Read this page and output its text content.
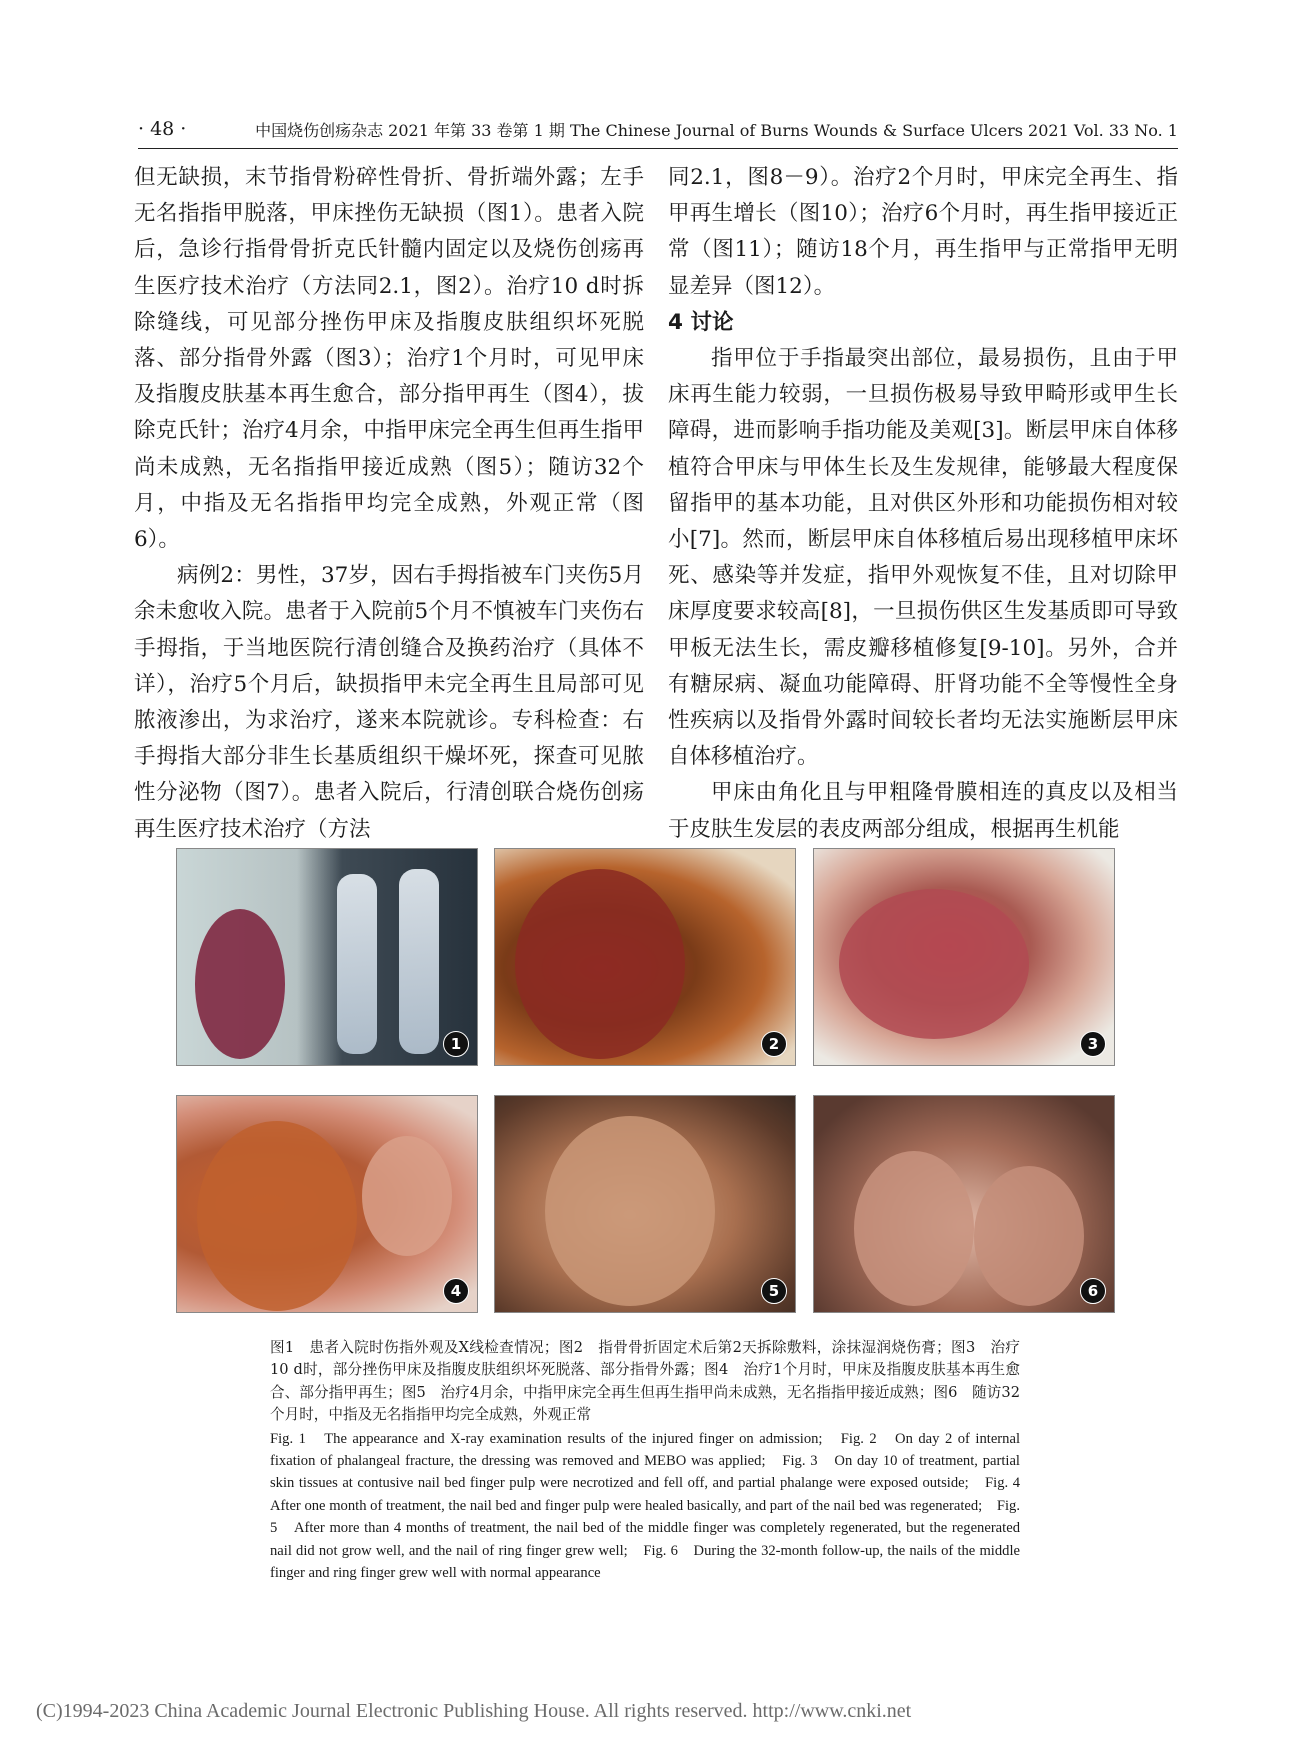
· 48 ·	中国烧伤创疡杂志 2021 年第 33 卷第 1 期 The Chinese Journal of Burns Wounds & Surface Ulcers 2021 Vol. 33 No. 1

但无缺损，末节指骨粉碎性骨折、骨折端外露；左手无名指指甲脱落，甲床挫伤无缺损（图1）。患者入院后，急诊行指骨骨折克氏针髓内固定以及烧伤创疡再生医疗技术治疗（方法同2.1，图2）。治疗10 d时拆除缝线，可见部分挫伤甲床及指腹皮肤组织坏死脱落、部分指骨外露（图3）；治疗1个月时，可见甲床及指腹皮肤基本再生愈合，部分指甲再生（图4），拔除克氏针；治疗4月余，中指甲床完全再生但再生指甲尚未成熟，无名指指甲接近成熟（图5）；随访32个月，中指及无名指指甲均完全成熟，外观正常（图6）。

病例2：男性，37岁，因右手拇指被车门夹伤5月余未愈收入院。患者于入院前5个月不慎被车门夹伤右手拇指，于当地医院行清创缝合及换药治疗（具体不详），治疗5个月后，缺损指甲未完全再生且局部可见脓液渗出，为求治疗，遂来本院就诊。专科检查：右手拇指大部分非生长基质组织干燥坏死，探查可见脓性分泌物（图7）。患者入院后，行清创联合烧伤创疡再生医疗技术治疗（方法

同2.1，图8－9）。治疗2个月时，甲床完全再生、指甲再生增长（图10）；治疗6个月时，再生指甲接近正常（图11）；随访18个月，再生指甲与正常指甲无明显差异（图12）。

4 讨论

指甲位于手指最突出部位，最易损伤，且由于甲床再生能力较弱，一旦损伤极易导致甲畸形或甲生长障碍，进而影响手指功能及美观[3]。断层甲床自体移植符合甲床与甲体生长及生发规律，能够最大程度保留指甲的基本功能，且对供区外形和功能损伤相对较小[7]。然而，断层甲床自体移植后易出现移植甲床坏死、感染等并发症，指甲外观恢复不佳，且对切除甲床厚度要求较高[8]，一旦损伤供区生发基质即可导致甲板无法生长，需皮瓣移植修复[9-10]。另外，合并有糖尿病、凝血功能障碍、肝肾功能不全等慢性全身性疾病以及指骨外露时间较长者均无法实施断层甲床自体移植治疗。

甲床由角化且与甲粗隆骨膜相连的真皮以及相当于皮肤生发层的表皮两部分组成，根据再生机能

1	2	3
4	5	6

图1　患者入院时伤指外观及X线检查情况；图2　指骨骨折固定术后第2天拆除敷料，涂抹湿润烧伤膏；图3　治疗10 d时，部分挫伤甲床及指腹皮肤组织坏死脱落、部分指骨外露；图4　治疗1个月时，甲床及指腹皮肤基本再生愈合、部分指甲再生；图5　治疗4月余，中指甲床完全再生但再生指甲尚未成熟，无名指指甲接近成熟；图6　随访32个月时，中指及无名指指甲均完全成熟，外观正常

Fig. 1　The appearance and X-ray examination results of the injured finger on admission;　Fig. 2　On day 2 of internal fixation of phalangeal fracture, the dressing was removed and MEBO was applied;　Fig. 3　On day 10 of treatment, partial skin tissues at contusive nail bed finger pulp were necrotized and fell off, and partial phalange were exposed outside;　Fig. 4　After one month of treatment, the nail bed and finger pulp were healed basically, and part of the nail bed was regenerated;　Fig. 5　After more than 4 months of treatment, the nail bed of the middle finger was completely regenerated, but the regenerated nail did not grow well, and the nail of ring finger grew well;　Fig. 6　During the 32-month follow-up, the nails of the middle finger and ring finger grew well with normal appearance

(C)1994-2023 China Academic Journal Electronic Publishing House. All rights reserved. http://www.cnki.net
